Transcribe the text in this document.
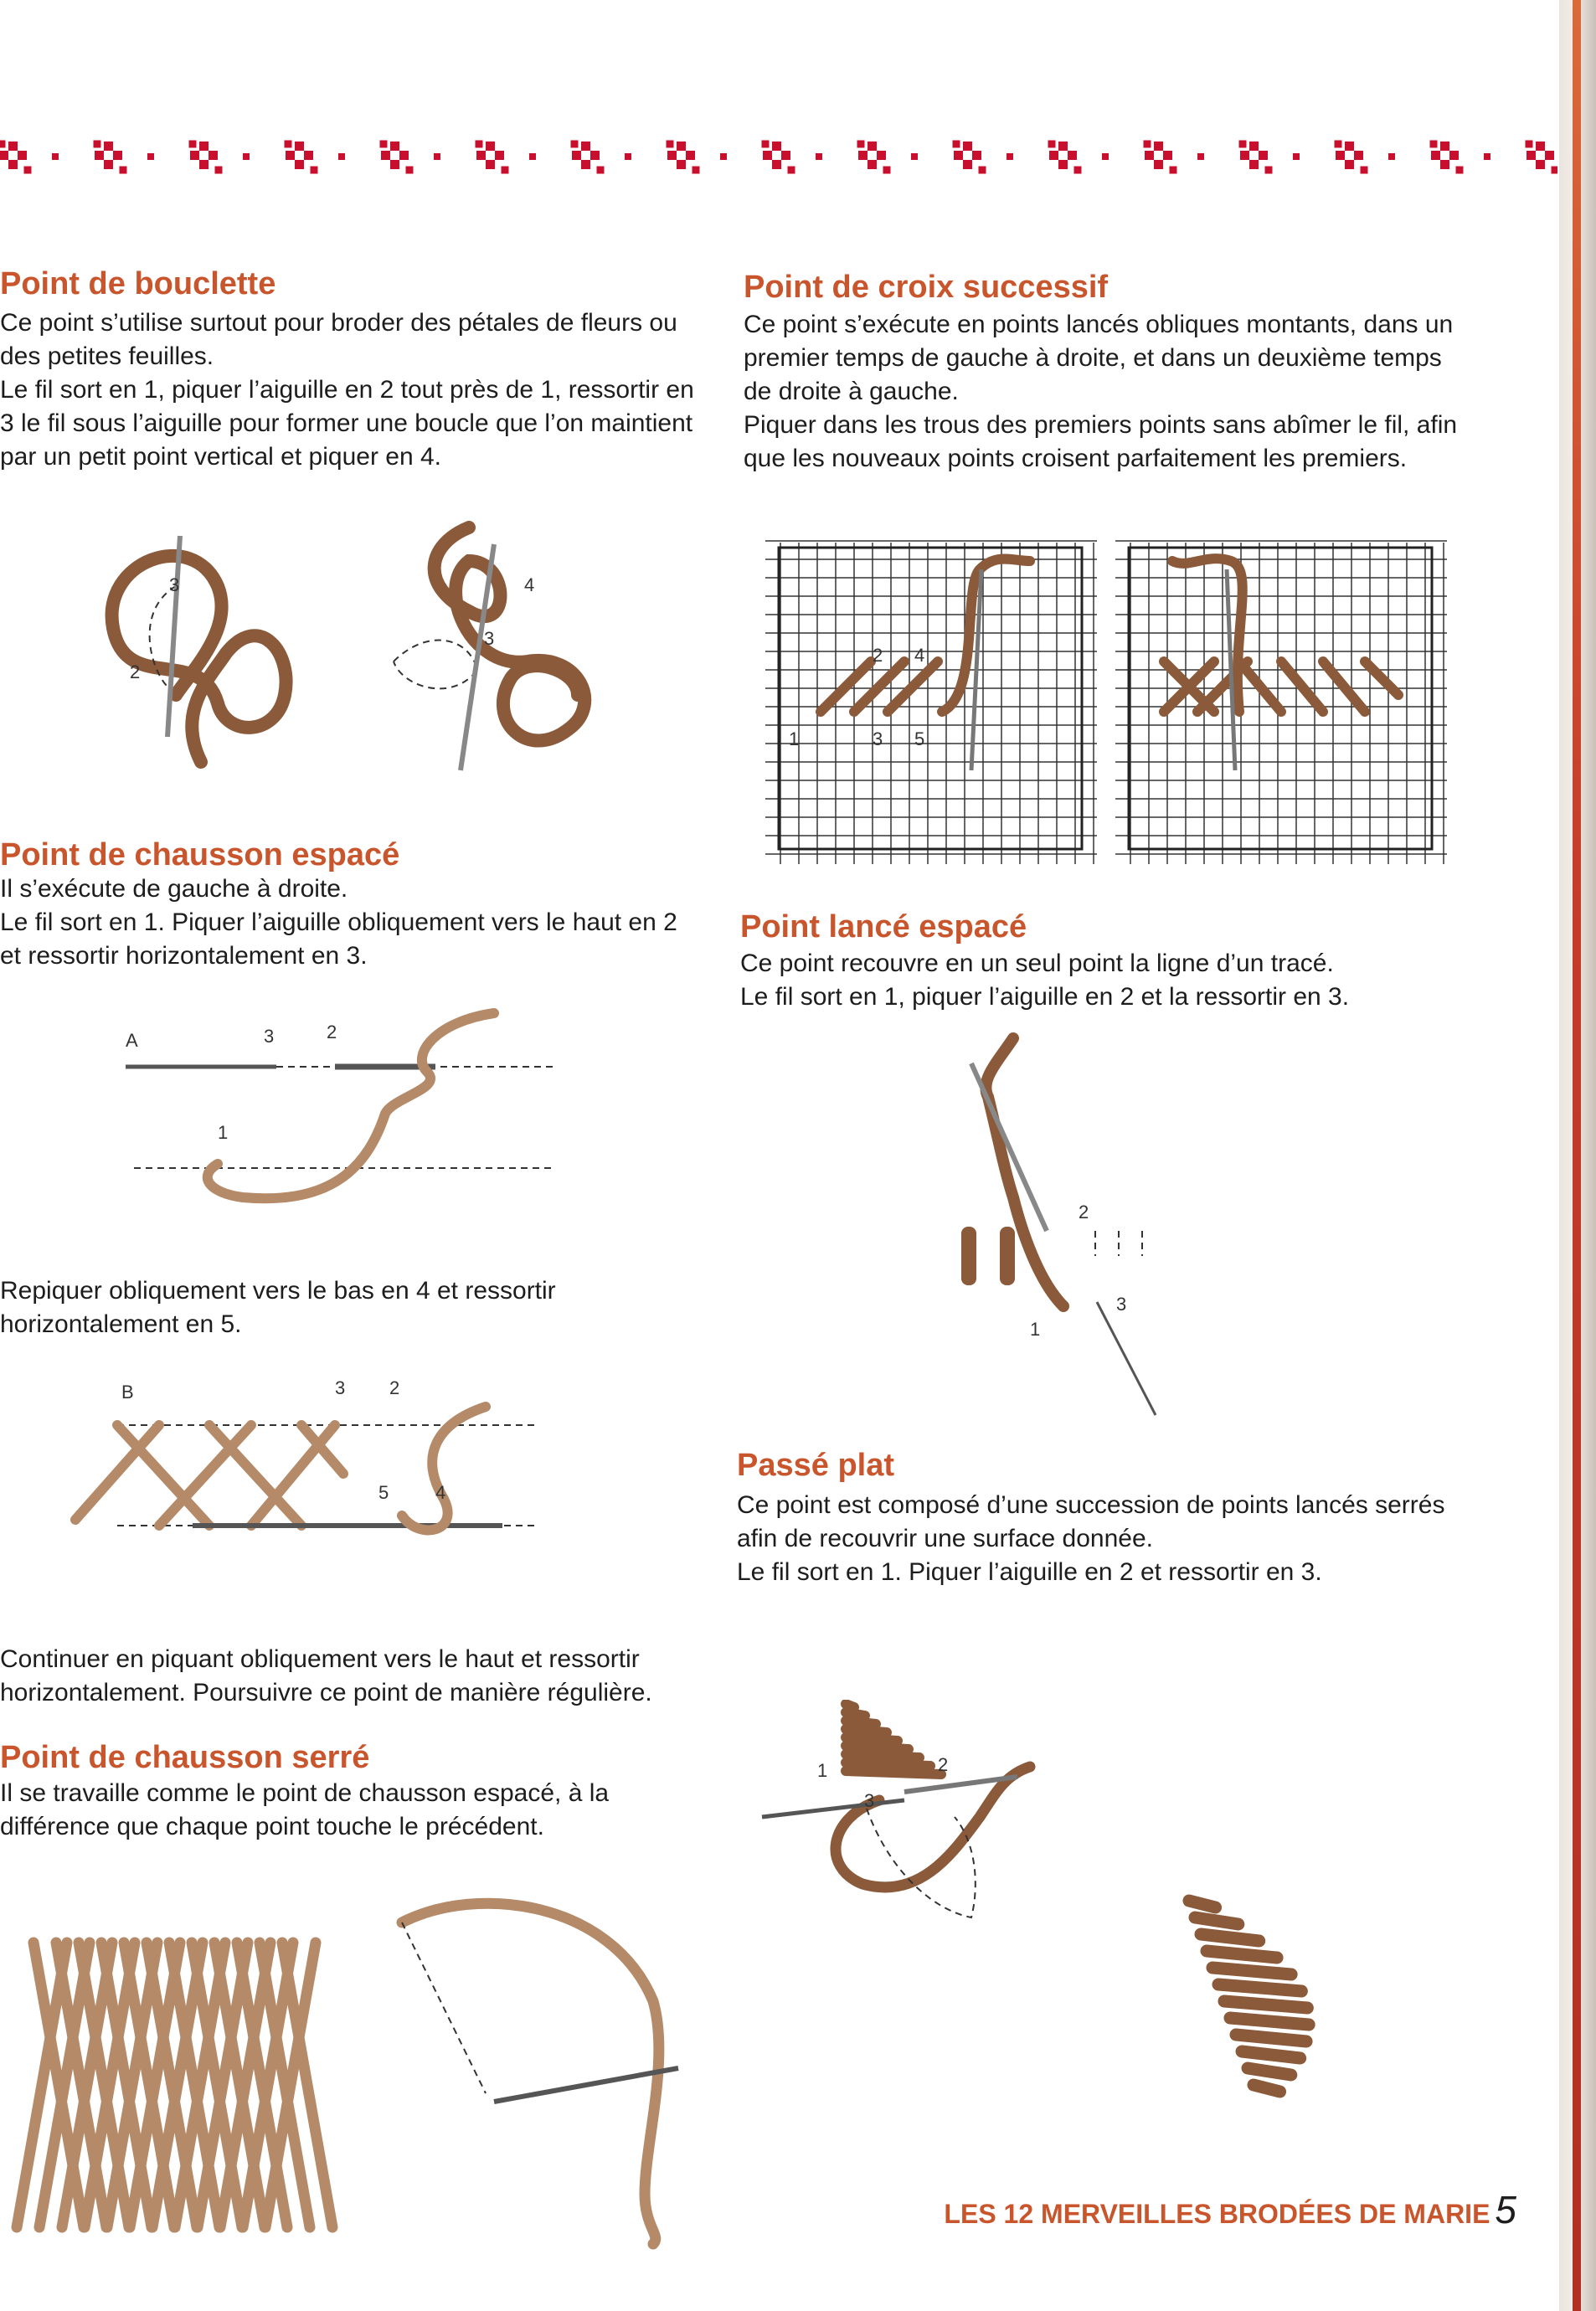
Point de bouclette

Ce point s’utilise surtout pour broder des pétales de fleurs ou des petites feuilles.
Le fil sort en 1, piquer l’aiguille en 2 tout près de 1, ressortir en 3 le fil sous l’aiguille pour former une boucle que l’on maintient par un petit point vertical et piquer en 4.

3
2
4
3
Point de chausson espacé

Il s’exécute de gauche à droite.
Le fil sort en 1. Piquer l’aiguille obliquement vers le haut en 2 et ressortir horizontalement en 3.

A	3	2
1

Repiquer obliquement vers le bas en 4 et ressortir horizontalement en 5.

B	3 2
5	4

Continuer en piquant obliquement vers le haut et ressortir horizontalement. Poursuivre ce point de manière régulière.

Point de chausson serré

Il se travaille comme le point de chausson espacé, à la différence que chaque point touche le précédent.

Point de croix successif

Ce point s’exécute en points lancés obliques montants, dans un premier temps de gauche à droite, et dans un deuxième temps de droite à gauche.
Piquer dans les trous des premiers points sans abîmer le fil, afin que les nouveaux points croisent parfaitement les premiers.

1
2 4
3 5
Point lancé espacé

Ce point recouvre en un seul point la ligne d’un tracé.
Le fil sort en 1, piquer l’aiguille en 2 et la ressortir en 3.

2
1
3
Passé plat

Ce point est composé d’une succession de points lancés serrés afin de recouvrir une surface donnée.
Le fil sort en 1. Piquer l’aiguille en 2 et ressortir en 3.

1	2
3
LES 12 MERVEILLES BRODÉES DE MARIE 5
